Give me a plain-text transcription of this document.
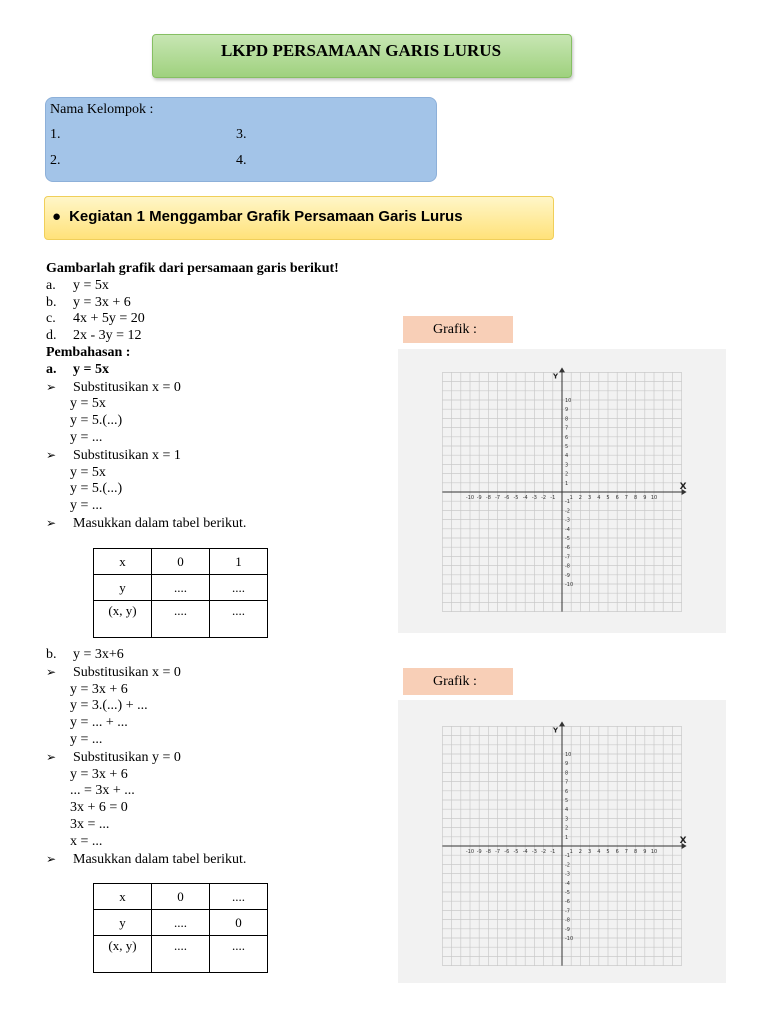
LKPD PERSAMAAN GARIS LURUS
Nama Kelompok :
1.
2.
3.
4.
● Kegiatan 1 Menggambar Grafik Persamaan Garis Lurus
Gambarlah grafik dari persamaan garis berikut!
a. y = 5x
b. y = 3x + 6
c. 4x + 5y = 20
d. 2x - 3y = 12
Pembahasan :
a. y = 5x
➢ Substitusikan x = 0
y = 5x
y = 5.(...)
y = ...
➢ Substitusikan x = 1
y = 5x
y = 5.(...)
y = ...
➢ Masukkan dalam tabel berikut.
x	0	1
y	....	....
(x, y)	....	....
b. y = 3x+6
➢ Substitusikan x = 0
y = 3x + 6
y = 3.(...) + ...
y = ... + ...
y = ...
➢ Substitusikan y = 0
y = 3x + 6
... = 3x + ...
3x + 6 = 0
3x = ...
x = ...
➢ Masukkan dalam tabel berikut.
x	0	....
y	....	0
(x, y)	....	....
Grafik :
Grafik :
-10
-10
-9
-9
-8
-8
-7
-7
-6
-6
-5
-5
-4
-4
-3
-3
-2
-2
-1
-1
1
1
2
2
3
3
4
4
5
5
6
6
7
7
8
8
9
9
10
10
X
Y
-10
-10
-9
-9
-8
-8
-7
-7
-6
-6
-5
-5
-4
-4
-3
-3
-2
-2
-1
-1
1
1
2
2
3
3
4
4
5
5
6
6
7
7
8
8
9
9
10
10
X
Y
